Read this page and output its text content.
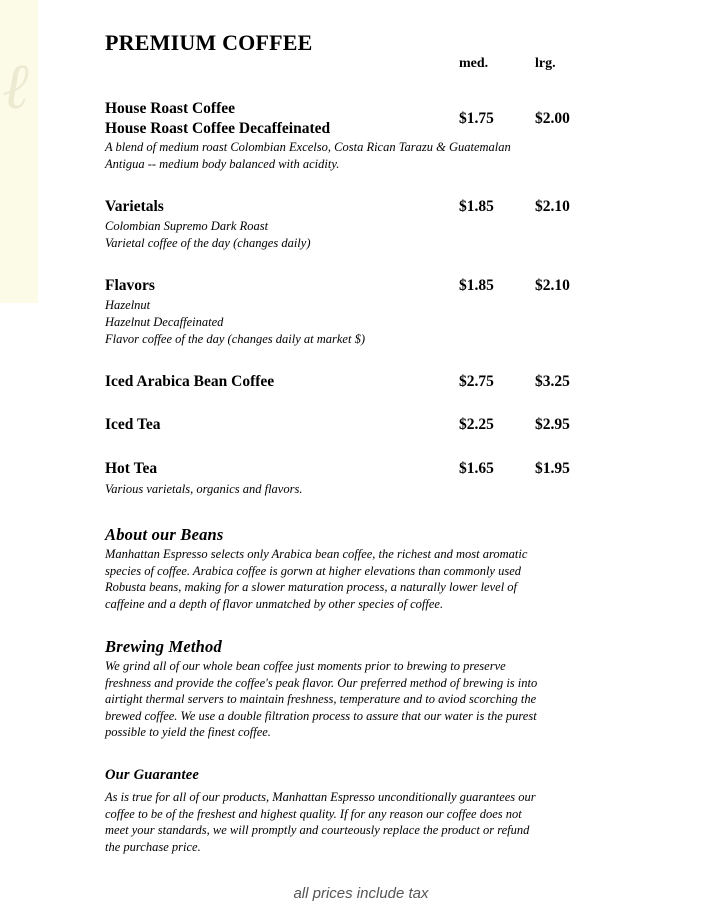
ℓ
PREMIUM COFFEE
med.	lrg.
House Roast Coffee
House Roast Coffee Decaffeinated
$1.75	$2.00
A blend of medium roast Colombian Excelso, Costa Rican Tarazu & Guatemalan
Antigua -- medium body balanced with acidity.
Varietals	$1.85	$2.10
Colombian Supremo Dark Roast
Varietal coffee of the day (changes daily)
Flavors	$1.85	$2.10
Hazelnut
Hazelnut Decaffeinated
Flavor coffee of the day (changes daily at market $)
Iced Arabica Bean Coffee	$2.75	$3.25
Iced Tea	$2.25	$2.95
Hot Tea	$1.65	$1.95
Various varietals, organics and flavors.
About our Beans
Manhattan Espresso selects only Arabica bean coffee, the richest and most aromatic
species of coffee. Arabica coffee is gorwn at higher elevations than commonly used
Robusta beans, making for a slower maturation process, a naturally lower level of
caffeine and a depth of flavor unmatched by other species of coffee.
Brewing Method
We grind all of our whole bean coffee just moments prior to brewing to preserve
freshness and provide the coffee's peak flavor. Our preferred method of brewing is into
airtight thermal servers to maintain freshness, temperature and to aviod scorching the
brewed coffee. We use a double filtration process to assure that our water is the purest
possible to yield the finest coffee.
Our Guarantee
As is true for all of our products, Manhattan Espresso unconditionally guarantees our
coffee to be of the freshest and highest quality. If for any reason our coffee does not
meet your standards, we will promptly and courteously replace the product or refund
the purchase price.
all prices include tax
